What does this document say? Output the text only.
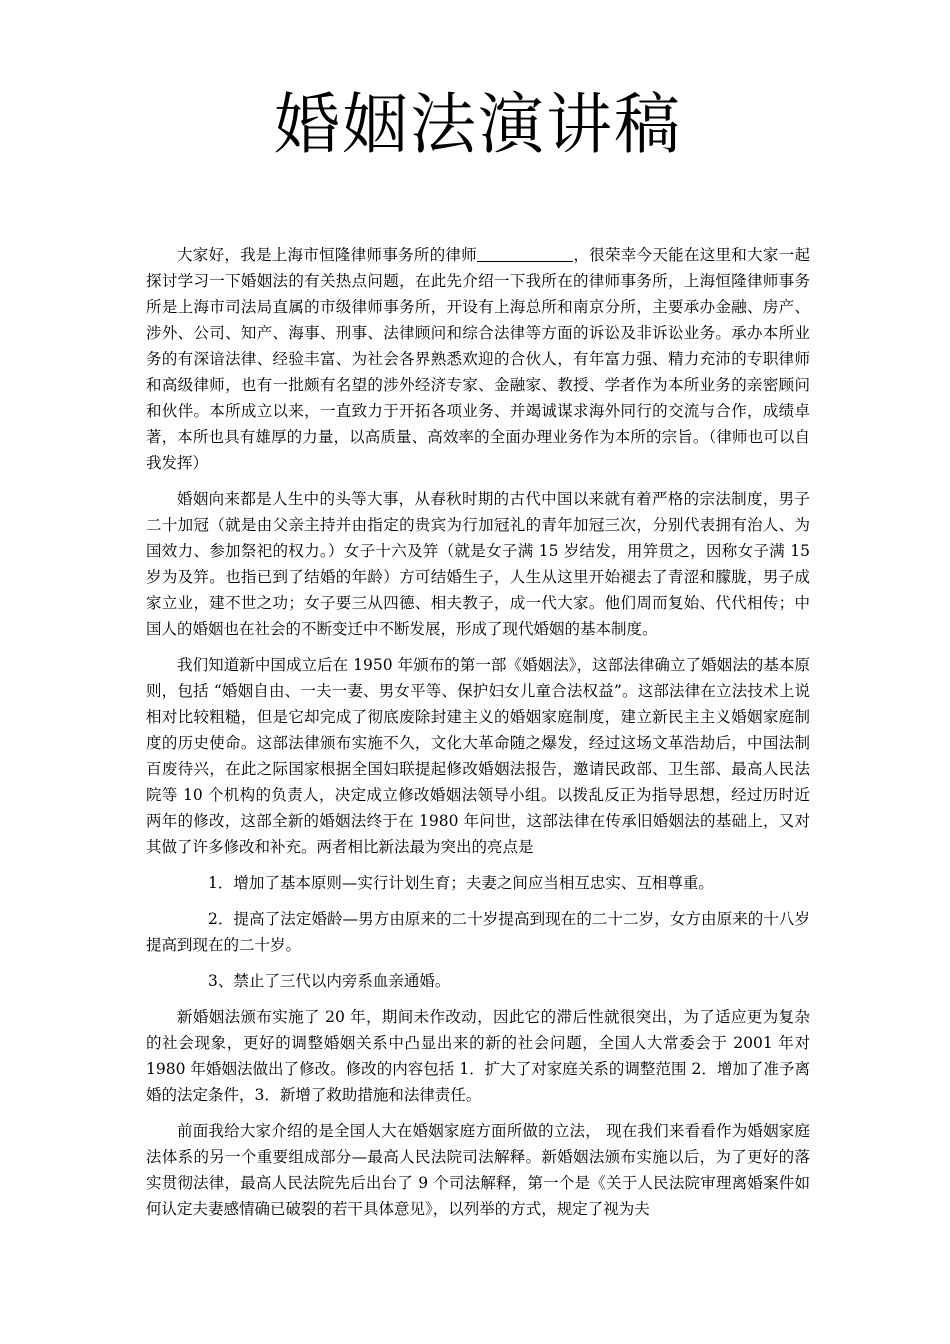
婚姻法演讲稿

大家好，我是上海市恒隆律师事务所的律师	，很荣幸今天能在这里和大家一起探讨学习一下婚姻法的有关热点问题，在此先介绍一下我所在的律师事务所，上海恒隆律师事务所是上海市司法局直属的市级律师事务所，开设有上海总所和南京分所，主要承办金融、房产、涉外、公司、知产、海事、刑事、法律顾问和综合法律等方面的诉讼及非诉讼业务。承办本所业务的有深谙法律、经验丰富、为社会各界熟悉欢迎的合伙人，有年富力强、精力充沛的专职律师和高级律师，也有一批颇有名望的涉外经济专家、金融家、教授、学者作为本所业务的亲密顾问和伙伴。本所成立以来，一直致力于开拓各项业务、并竭诚谋求海外同行的交流与合作，成绩卓著，本所也具有雄厚的力量，以高质量、高效率的全面办理业务作为本所的宗旨。（律师也可以自我发挥）

婚姻向来都是人生中的头等大事，从春秋时期的古代中国以来就有着严格的宗法制度，男子二十加冠（就是由父亲主持并由指定的贵宾为行加冠礼的青年加冠三次，分别代表拥有治人、为国效力、参加祭祀的权力。）女子十六及笄（就是女子满 15 岁结发，用笄贯之，因称女子满 15 岁为及笄。也指已到了结婚的年龄）方可结婚生子，人生从这里开始褪去了青涩和朦胧，男子成家立业，建不世之功；女子要三从四德、相夫教子，成一代大家。他们周而复始、代代相传；中国人的婚姻也在社会的不断变迁中不断发展，形成了现代婚姻的基本制度。

我们知道新中国成立后在 1950 年颁布的第一部《婚姻法》，这部法律确立了婚姻法的基本原则，包括 “婚姻自由、一夫一妻、男女平等、保护妇女儿童合法权益”。这部法律在立法技术上说相对比较粗糙，但是它却完成了彻底废除封建主义的婚姻家庭制度，建立新民主主义婚姻家庭制度的历史使命。这部法律颁布实施不久，文化大革命随之爆发，经过这场文革浩劫后，中国法制百废待兴，在此之际国家根据全国妇联提起修改婚姻法报告，邀请民政部、卫生部、最高人民法院等 10 个机构的负责人，决定成立修改婚姻法领导小组。以拨乱反正为指导思想，经过历时近两年的修改，这部全新的婚姻法终于在 1980 年问世，这部法律在传承旧婚姻法的基础上，又对其做了许多修改和补充。两者相比新法最为突出的亮点是

1．增加了基本原则—实行计划生育；夫妻之间应当相互忠实、互相尊重。

2．提高了法定婚龄—男方由原来的二十岁提高到现在的二十二岁，女方由原来的十八岁提高到现在的二十岁。

3、禁止了三代以内旁系血亲通婚。

新婚姻法颁布实施了 20 年，期间未作改动，因此它的滞后性就很突出，为了适应更为复杂的社会现象，更好的调整婚姻关系中凸显出来的新的社会问题，全国人大常委会于 2001 年对 1980 年婚姻法做出了修改。修改的内容包括 1．扩大了对家庭关系的调整范围 2．增加了准予离婚的法定条件，3．新增了救助措施和法律责任。

前面我给大家介绍的是全国人大在婚姻家庭方面所做的立法， 现在我们来看看作为婚姻家庭法体系的另一个重要组成部分—最高人民法院司法解释。新婚姻法颁布实施以后，为了更好的落实贯彻法律，最高人民法院先后出台了 9 个司法解释，第一个是《关于人民法院审理离婚案件如何认定夫妻感情确已破裂的若干具体意见》，以列举的方式，规定了视为夫
